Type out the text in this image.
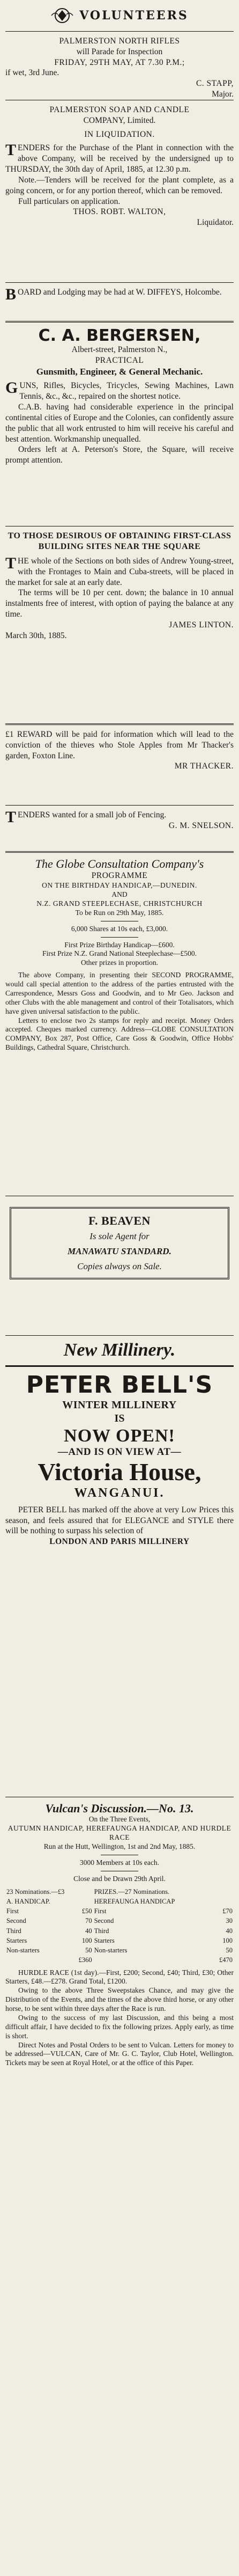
VOLUNTEERS

PALMERSTON NORTH RIFLES

will Parade for Inspection

FRIDAY, 29TH MAY, AT 7.30 P.M.;

if wet, 3rd June.

C. STAPP,

Major.

PALMERSTON SOAP AND CANDLE

COMPANY, Limited.

IN LIQUIDATION.

TENDERS for the Purchase of the Plant in connection with the above Company, will be received by the undersigned up to THURSDAY, the 30th day of April, 1885, at 12.30 p.m.

Note.—Tenders will be received for the plant complete, as a going concern, or for any portion thereof, which can be removed.

Full particulars on application.

THOS. ROBT. WALTON,

Liquidator.

BOARD and Lodging may be had at W. DIFFEYS, Holcombe.

C. A. BERGERSEN,

Albert-street, Palmerston N.,

PRACTICAL

Gunsmith, Engineer, & General Mechanic.

GUNS, Rifles, Bicycles, Tricycles, Sewing Machines, Lawn Tennis, &c., &c., repaired on the shortest notice.

C.A.B. having had considerable experience in the principal continental cities of Europe and the Colonies, can confidently assure the public that all work entrusted to him will receive his careful and best attention. Workmanship unequalled.

Orders left at A. Peterson's Store, the Square, will receive prompt attention.

TO THOSE DESIROUS OF OBTAINING FIRST-CLASS BUILDING SITES NEAR THE SQUARE

THE whole of the Sections on both sides of Andrew Young-street, with the Frontages to Main and Cuba-streets, will be placed in the market for sale at an early date.

The terms will be 10 per cent. down; the balance in 10 annual instalments free of interest, with option of paying the balance at any time.

JAMES LINTON.

March 30th, 1885.

£1 REWARD will be paid for information which will lead to the conviction of the thieves who Stole Apples from Mr Thacker's garden, Foxton Line.

MR THACKER.

TENDERS wanted for a small job of Fencing.

G. M. SNELSON.

The Globe Consultation Company's

PROGRAMME

ON THE BIRTHDAY HANDICAP,—DUNEDIN.

AND

N.Z. GRAND STEEPLECHASE, CHRISTCHURCH

To be Run on 29th May, 1885.

6,000 Shares at 10s each, £3,000.

First Prize Birthday Handicap—£600.

First Prize N.Z. Grand National Steeplechase—£500.

Other prizes in proportion.

The above Company, in presenting their SECOND PROGRAMME, would call special attention to the address of the parties entrusted with the Carrespondence, Messrs Goss and Goodwin, and to Mr Geo. Jackson and other Clubs with the able management and control of their Totalisators, which have given universal satisfaction to the public.

Letters to enclose two 2s stamps for reply and receipt. Money Orders accepted. Cheques marked currency. Address—GLOBE CONSULTATION COMPANY, Box 287, Post Office, Care Goss & Goodwin, Office Hobbs' Buildings, Cathedral Square, Christchurch.

F. BEAVEN

Is sole Agent for

MANAWATU STANDARD.

Copies always on Sale.

New Millinery.

PETER BELL'S

WINTER MILLINERY

IS

NOW OPEN!

—AND IS ON VIEW AT—

Victoria House,

WANGANUI.

PETER BELL has marked off the above at very Low Prices this season, and feels assured that for ELEGANCE and STYLE there will be nothing to surpass his selection of

LONDON AND PARIS MILLINERY

Vulcan's Discussion.—No. 13.

On the Three Events,

AUTUMN HANDICAP, HEREFAUNGA HANDICAP, AND HURDLE RACE

Run at the Hutt, Wellington, 1st and 2nd May, 1885.

3000 Members at 10s each.

Close and be Drawn 29th April.

23 Nominations.—£3		PRIZES.—27 Nominations.	
A. HANDICAP.		HEREFAUNGA HANDICAP	
First	£50	First	£70
Second	70	Second	30
Third	40	Third	40
Starters	100	Starters	100
Non-starters	50	Non-starters	50
	£360		£470

HURDLE RACE (1st day).—First, £200; Second, £40; Third, £30; Other Starters, £48.—£278. Grand Total, £1200.

Owing to the above Three Sweepstakes Chance, and may give the Distribution of the Events, and the times of the above third horse, or any other horse, to be sent within three days after the Race is run.

Owing to the success of my last Discussion, and this being a most difficult affair, I have decided to fix the following prizes. Apply early, as time is short.

Direct Notes and Postal Orders to be sent to Vulcan. Letters for money to be addressed—VULCAN, Care of Mr. G. C. Taylor, Club Hotel, Wellington. Tickets may be seen at Royal Hotel, or at the office of this Paper.
